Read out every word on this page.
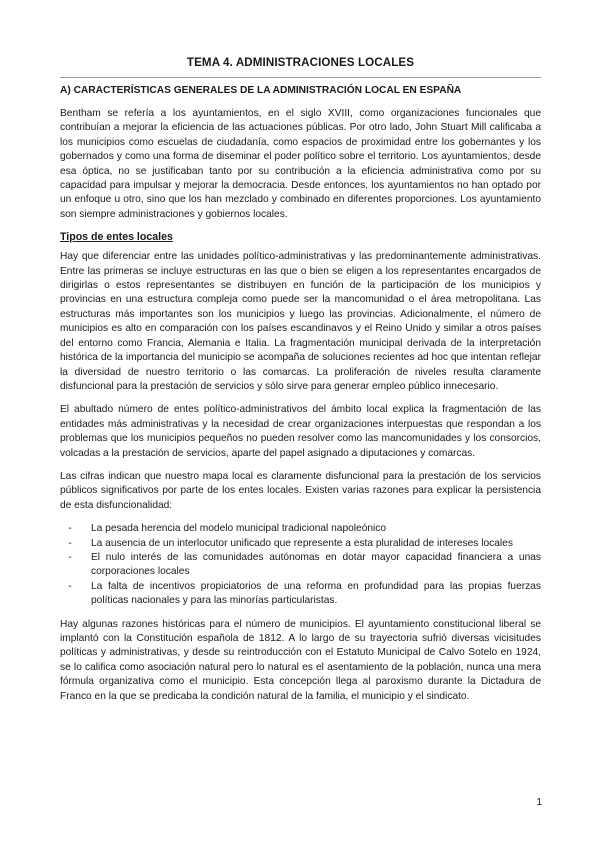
TEMA 4. ADMINISTRACIONES LOCALES
A) CARACTERÍSTICAS GENERALES DE LA ADMINISTRACIÓN LOCAL EN ESPAÑA

Bentham se refería a los ayuntamientos, en el siglo XVIII, como organizaciones funcionales que contribuían a mejorar la eficiencia de las actuaciones públicas. Por otro lado, John Stuart Mill calificaba a los municipios como escuelas de ciudadanía, como espacios de proximidad entre los gobernantes y los gobernados y como una forma de diseminar el poder político sobre el territorio. Los ayuntamientos, desde esa óptica, no se justificaban tanto por su contribución a la eficiencia administrativa como por su capacidad para impulsar y mejorar la democracia. Desde entonces, los ayuntamientos no han optado por un enfoque u otro, sino que los han mezclado y combinado en diferentes proporciones. Los ayuntamiento son siempre administraciones y gobiernos locales.

Tipos de entes locales

Hay que diferenciar entre las unidades político-administrativas y las predominantemente administrativas. Entre las primeras se incluye estructuras en las que o bien se eligen a los representantes encargados de dirigirlas o estos representantes se distribuyen en función de la participación de los municipios y provincias en una estructura compleja como puede ser la mancomunidad o el área metropolitana. Las estructuras más importantes son los municipios y luego las provincias. Adicionalmente, el número de municipios es alto en comparación con los países escandinavos y el Reino Unido y similar a otros países del entorno como Francia, Alemania e Italia. La fragmentación municipal derivada de la interpretación histórica de la importancia del municipio se acompaña de soluciones recientes ad hoc que intentan reflejar la diversidad de nuestro territorio o las comarcas. La proliferación de niveles resulta claramente disfuncional para la prestación de servicios y sólo sirve para generar empleo público innecesario.

El abultado número de entes político-administrativos del ámbito local explica la fragmentación de las entidades más administrativas y la necesidad de crear organizaciones interpuestas que respondan a los problemas que los municipios pequeños no pueden resolver como las mancomunidades y los consorcios, volcadas a la prestación de servicios, aparte del papel asignado a diputaciones y comarcas.

Las cifras indican que nuestro mapa local es claramente disfuncional para la prestación de los servicios públicos significativos por parte de los entes locales. Existen varias razones para explicar la persistencia de esta disfuncionalidad:

-	La pesada herencia del modelo municipal tradicional napoleónico
-	La ausencia de un interlocutor unificado que represente a esta pluralidad de intereses locales
-	El nulo interés de las comunidades autónomas en dotar mayor capacidad financiera a unas corporaciones locales
-	La falta de incentivos propiciatorios de una reforma en profundidad para las propias fuerzas políticas nacionales y para las minorías particularistas.

Hay algunas razones históricas para el número de municipios. El ayuntamiento constitucional liberal se implantó con la Constitución española de 1812. A lo largo de su trayectoria sufrió diversas vicisitudes políticas y administrativas, y desde su reintroducción con el Estatuto Municipal de Calvo Sotelo en 1924, se lo califica como asociación natural pero lo natural es el asentamiento de la población, nunca una mera fórmula organizativa como el municipio. Esta concepción llega al paroxismo durante la Dictadura de Franco en la que se predicaba la condición natural de la familia, el municipio y el sindicato.

1
